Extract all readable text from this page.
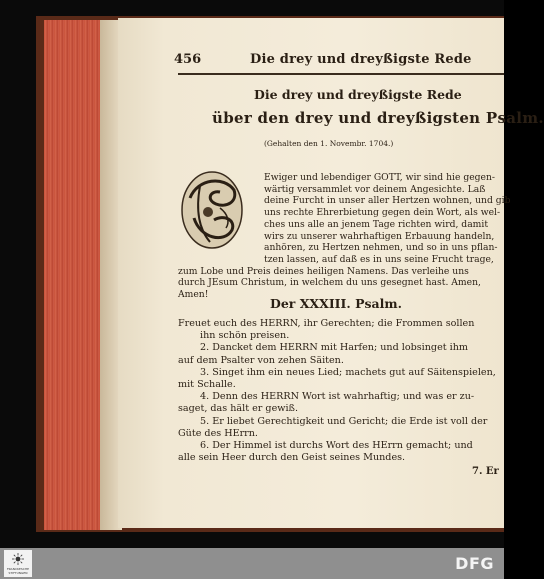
456	Die drey und dreyßigste Rede
Die drey und dreyßigste Rede
über den drey und dreyßigsten Psalm.
(Gehalten den 1. Novembr. 1704.)
Ewiger und lebendiger GOTT, wir sind hie gegen-
wärtig versammlet vor deinem Angesichte. Laß
deine Furcht in unser aller Hertzen wohnen, und gib
uns rechte Ehrerbietung gegen dein Wort, als wel-
ches uns alle an jenem Tage richten wird, damit
wirs zu unserer wahrhaftigen Erbauung handeln,
anhören, zu Hertzen nehmen, und so in uns pflan-
tzen lassen, auf daß es in uns seine Frucht trage,
zum Lobe und Preis deines heiligen Namens. Das verleihe uns
durch JEsum Christum, in welchem du uns gesegnet hast. Amen,
Amen!
Der XXXIII. Psalm.
Freuet euch des HERRN, ihr Gerechten; die Frommen sollen
ihn schön preisen.
2. Dancket dem HERRN mit Harfen; und lobsinget ihm
auf dem Psalter von zehen Säiten.
3. Singet ihm ein neues Lied; machets gut auf Säitenspielen,
mit Schalle.
4. Denn des HERRN Wort ist wahrhaftig; und was er zu-
saget, das hält er gewiß.
5. Er liebet Gerechtigkeit und Gericht; die Erde ist voll der
Güte des HErrn.
6. Der Himmel ist durchs Wort des HErrn gemacht; und
alle sein Heer durch den Geist seines Mundes.
7. Er
FRANCKESCHE STIFTUNGEN	DFG
